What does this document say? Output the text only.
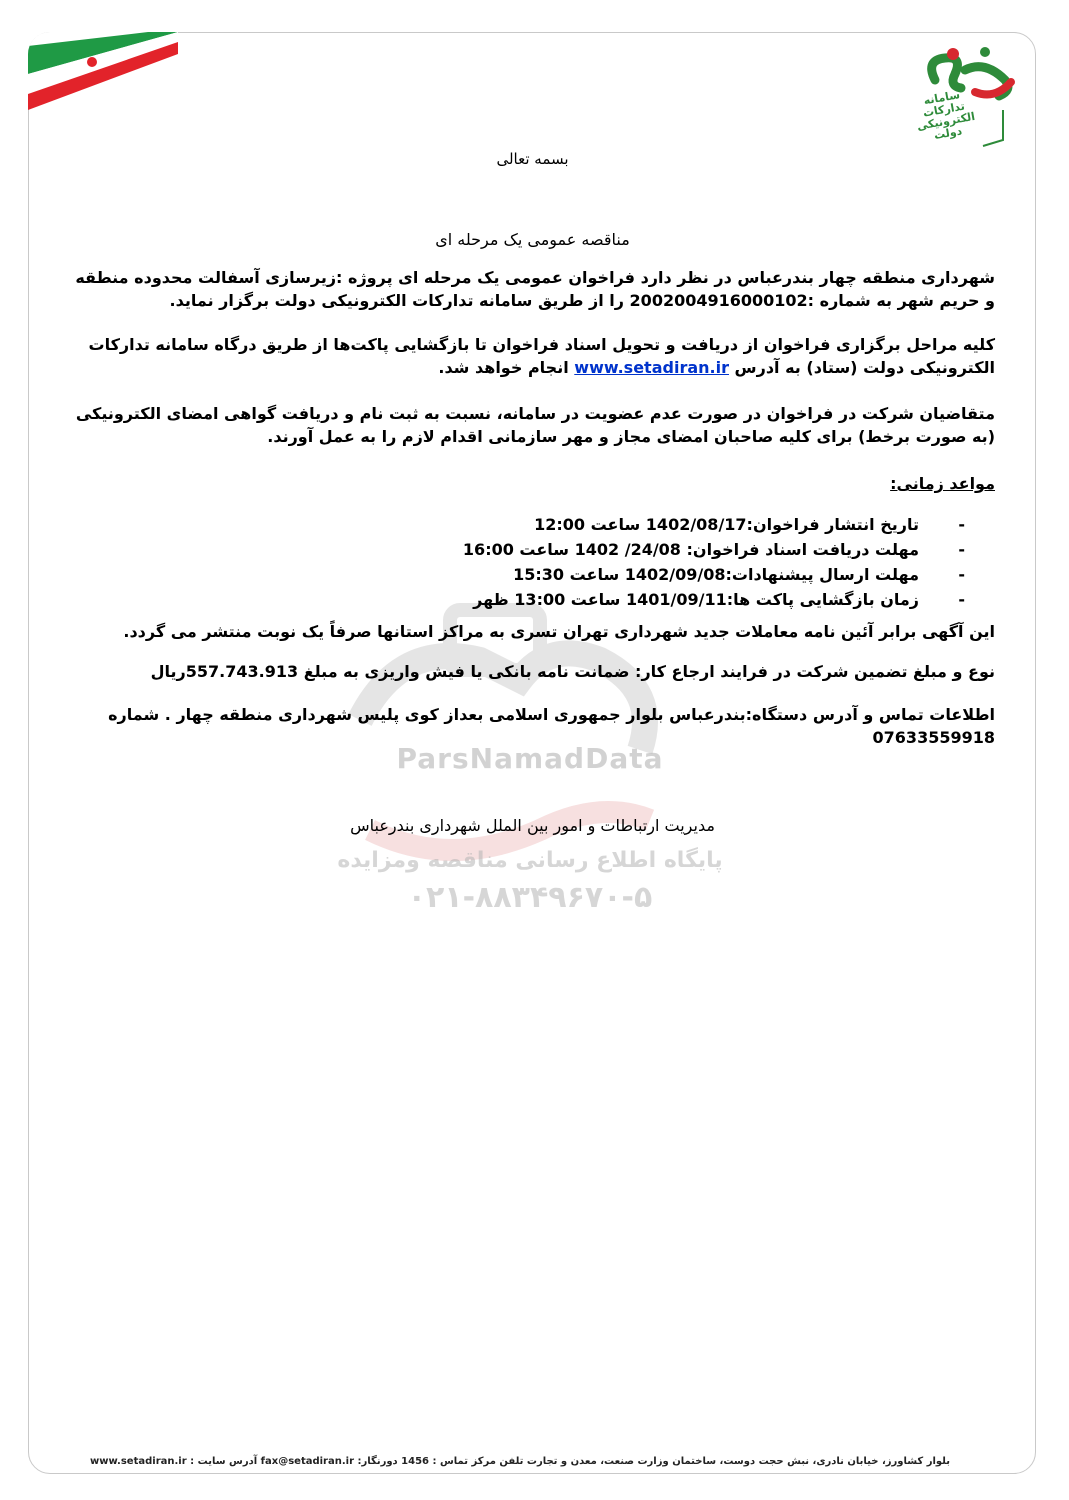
سامانه تدارکات الکترونیکی دولت
ParsNamadData
پایگاه اطلاع رسانی مناقصه ومزایده
۰۲۱-۸۸۳۴۹۶۷۰-۵
بسمه تعالی
مناقصه عمومی یک مرحله ای

شهرداری منطقه چهار بندرعباس در نظر دارد فراخوان عمومی یک مرحله ای پروژه :زیرسازی آسفالت محدوده منطقه و حریم شهر به شماره :2002004916000102 را از طریق سامانه تدارکات الکترونیکی دولت برگزار نماید.

کلیه مراحل برگزاری فراخوان از دریافت و تحویل اسناد فراخوان تا بازگشایی پاکت‌ها از طریق درگاه سامانه تدارکات الکترونیکی دولت (ستاد) به آدرس www.setadiran.ir انجام خواهد شد.

متقاضیان شرکت در فراخوان در صورت عدم عضویت در سامانه، نسبت به ثبت نام و دریافت گواهی امضای الکترونیکی (به صورت برخط) برای کلیه صاحبان امضای مجاز و مهر سازمانی اقدام لازم را به عمل آورند.

مواعد زمانی:
- تاریخ انتشار فراخوان:1402/08/17 ساعت 12:00
- مهلت دریافت اسناد فراخوان: 24/08/ 1402 ساعت 16:00
- مهلت ارسال پیشنهادات:1402/09/08 ساعت 15:30
- زمان بازگشایی پاکت ها:1401/09/11 ساعت 13:00 ظهر

این آگهی برابر آئین نامه معاملات جدید شهرداری تهران تسری به مراکز استانها صرفاً یک نوبت منتشر می گردد.

نوع و مبلغ تضمین شرکت در فرایند ارجاع کار: ضمانت نامه بانکی یا فیش واریزی به مبلغ 557.743.913ریال

اطلاعات تماس و آدرس دستگاه:بندرعباس بلوار جمهوری اسلامی بعداز کوی پلیس شهرداری منطقه چهار . شماره
07633559918

مدیریت ارتباطات و امور بین الملل شهرداری بندرعباس
بلوار کشاورز، خیابان نادری، نبش حجت دوست، ساختمان وزارت صنعت، معدن و تجارت تلفن مرکز تماس : 1456 دورنگار: fax@setadiran.ir آدرس سایت : www.setadiran.ir
